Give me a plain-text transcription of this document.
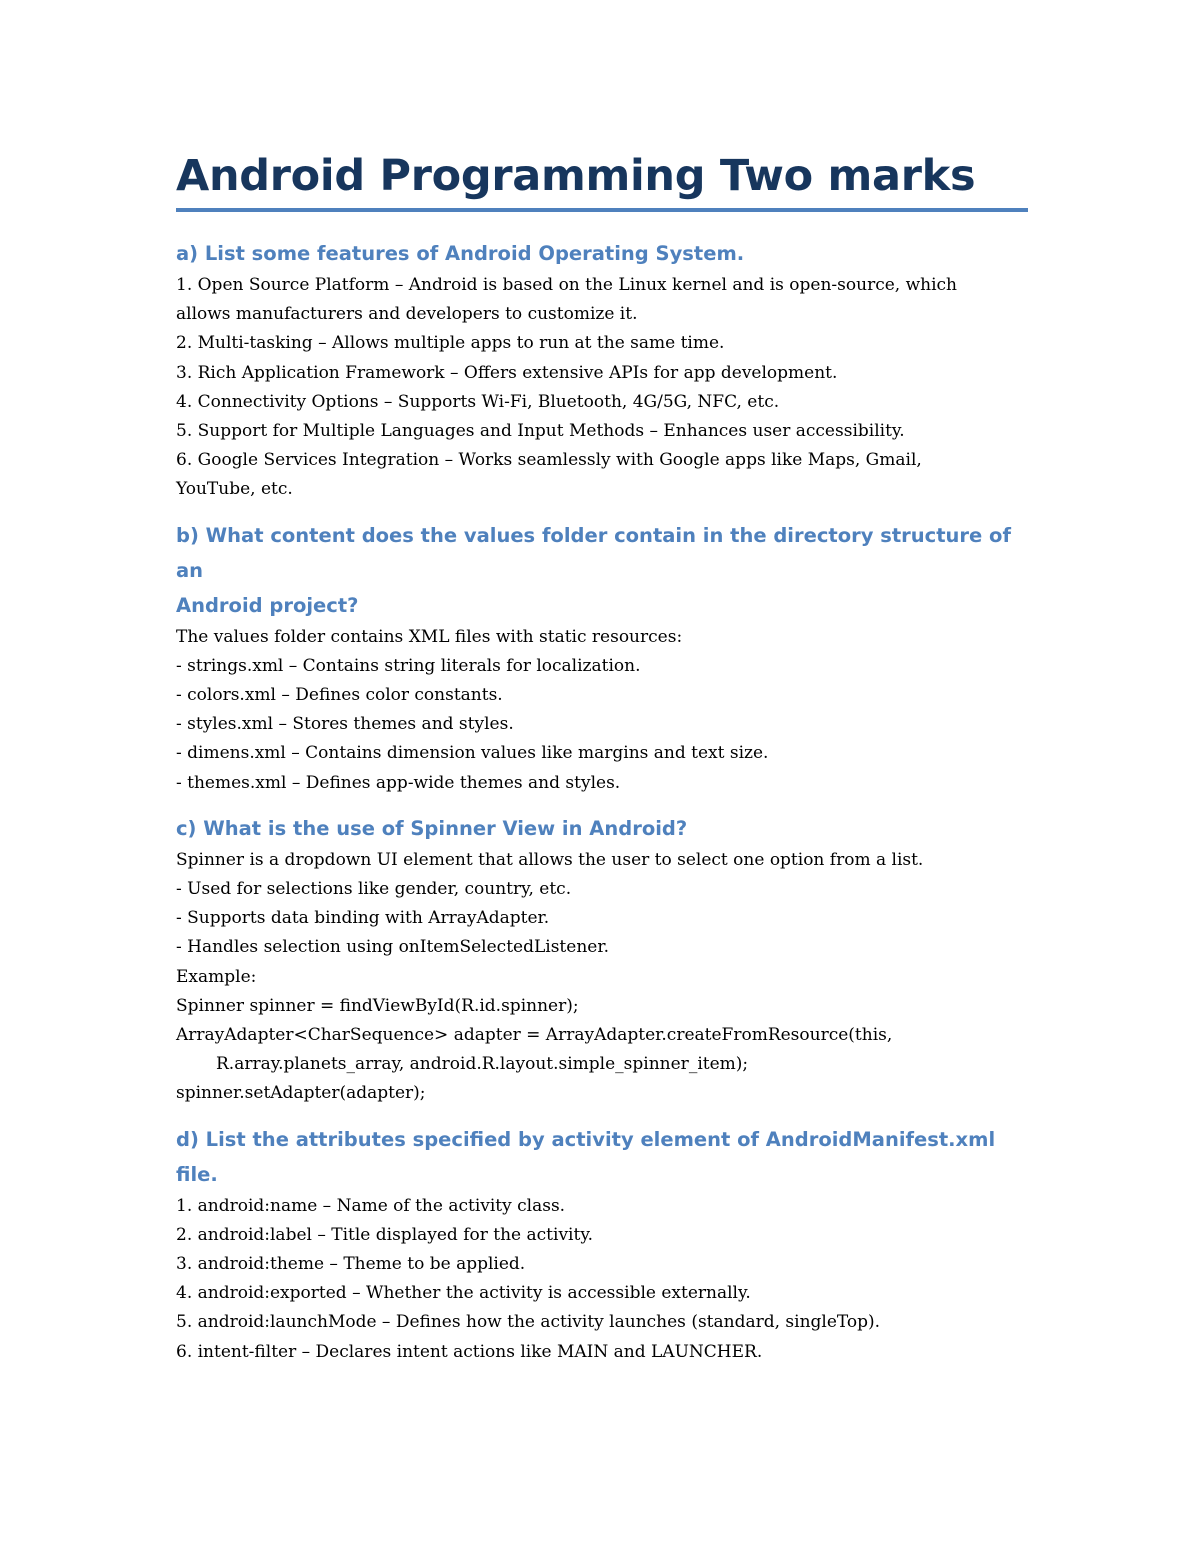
Android Programming Two marks

a) List some features of Android Operating System.

1. Open Source Platform – Android is based on the Linux kernel and is open-source, which

allows manufacturers and developers to customize it.

2. Multi-tasking – Allows multiple apps to run at the same time.

3. Rich Application Framework – Offers extensive APIs for app development.

4. Connectivity Options – Supports Wi-Fi, Bluetooth, 4G/5G, NFC, etc.

5. Support for Multiple Languages and Input Methods – Enhances user accessibility.

6. Google Services Integration – Works seamlessly with Google apps like Maps, Gmail,

YouTube, etc.

b) What content does the values folder contain in the directory structure of an

Android project?

The values folder contains XML files with static resources:

- strings.xml – Contains string literals for localization.

- colors.xml – Defines color constants.

- styles.xml – Stores themes and styles.

- dimens.xml – Contains dimension values like margins and text size.

- themes.xml – Defines app-wide themes and styles.

c) What is the use of Spinner View in Android?

Spinner is a dropdown UI element that allows the user to select one option from a list.

- Used for selections like gender, country, etc.

- Supports data binding with ArrayAdapter.

- Handles selection using onItemSelectedListener.

Example:

Spinner spinner = findViewById(R.id.spinner);

ArrayAdapter<CharSequence> adapter = ArrayAdapter.createFromResource(this,

R.array.planets_array, android.R.layout.simple_spinner_item);

spinner.setAdapter(adapter);

d) List the attributes specified by activity element of AndroidManifest.xml file.

1. android:name – Name of the activity class.

2. android:label – Title displayed for the activity.

3. android:theme – Theme to be applied.

4. android:exported – Whether the activity is accessible externally.

5. android:launchMode – Defines how the activity launches (standard, singleTop).

6. intent-filter – Declares intent actions like MAIN and LAUNCHER.
